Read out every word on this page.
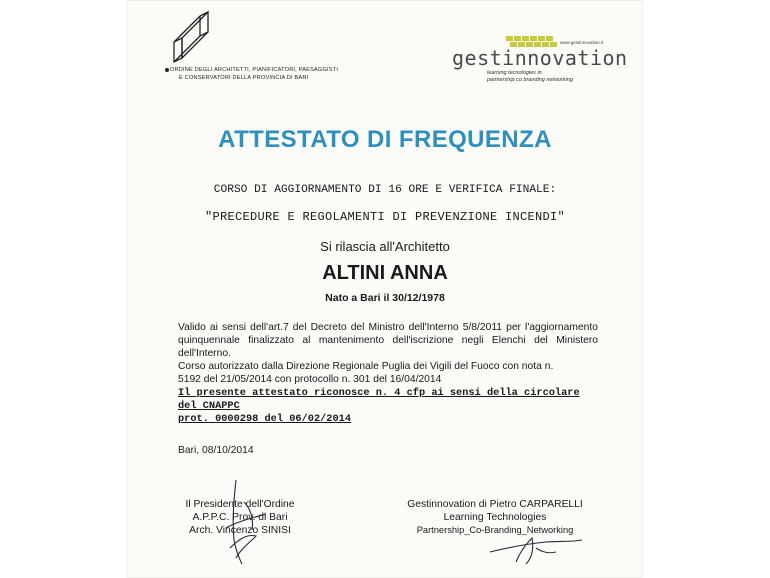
ORDINE DEGLI ARCHITETTI, PIANIFICATORI, PAESAGGISTI
E CONSERVATORI DELLA PROVINCIA DI BARI
www.gestinnovation.it
gestinnovation
learning tecnologies in
partnership co branding networking
ATTESTATO DI FREQUENZA
CORSO DI AGGIORNAMENTO DI 16 ORE E VERIFICA FINALE:
"PRECEDURE E REGOLAMENTI DI PREVENZIONE INCENDI"
Si rilascia all'Architetto
ALTINI ANNA
Nato a Bari il 30/12/1978
Valido ai sensi dell'art.7 del Decreto del Ministro dell'Interno 5/8/2011 per l'aggiornamento quinquennale finalizzato al mantenimento dell'iscrizione negli Elenchi del Ministero dell'Interno.
Corso autorizzato dalla Direzione Regionale Puglia dei Vigili del Fuoco con nota n.
5192 del 21/05/2014 con protocollo n. 301 del 16/04/2014
Il presente attestato riconosce n. 4 cfp ai sensi della circolare del CNAPPC
prot. 0000298 del 06/02/2014
Bari, 08/10/2014
Il Presidente dell'Ordine
A.P.P.C. Prov. di Bari
Arch. Vincenzo SINISI
Gestinnovation di Pietro CARPARELLI
Learning Technologies
Partnership_Co-Branding_Networking
